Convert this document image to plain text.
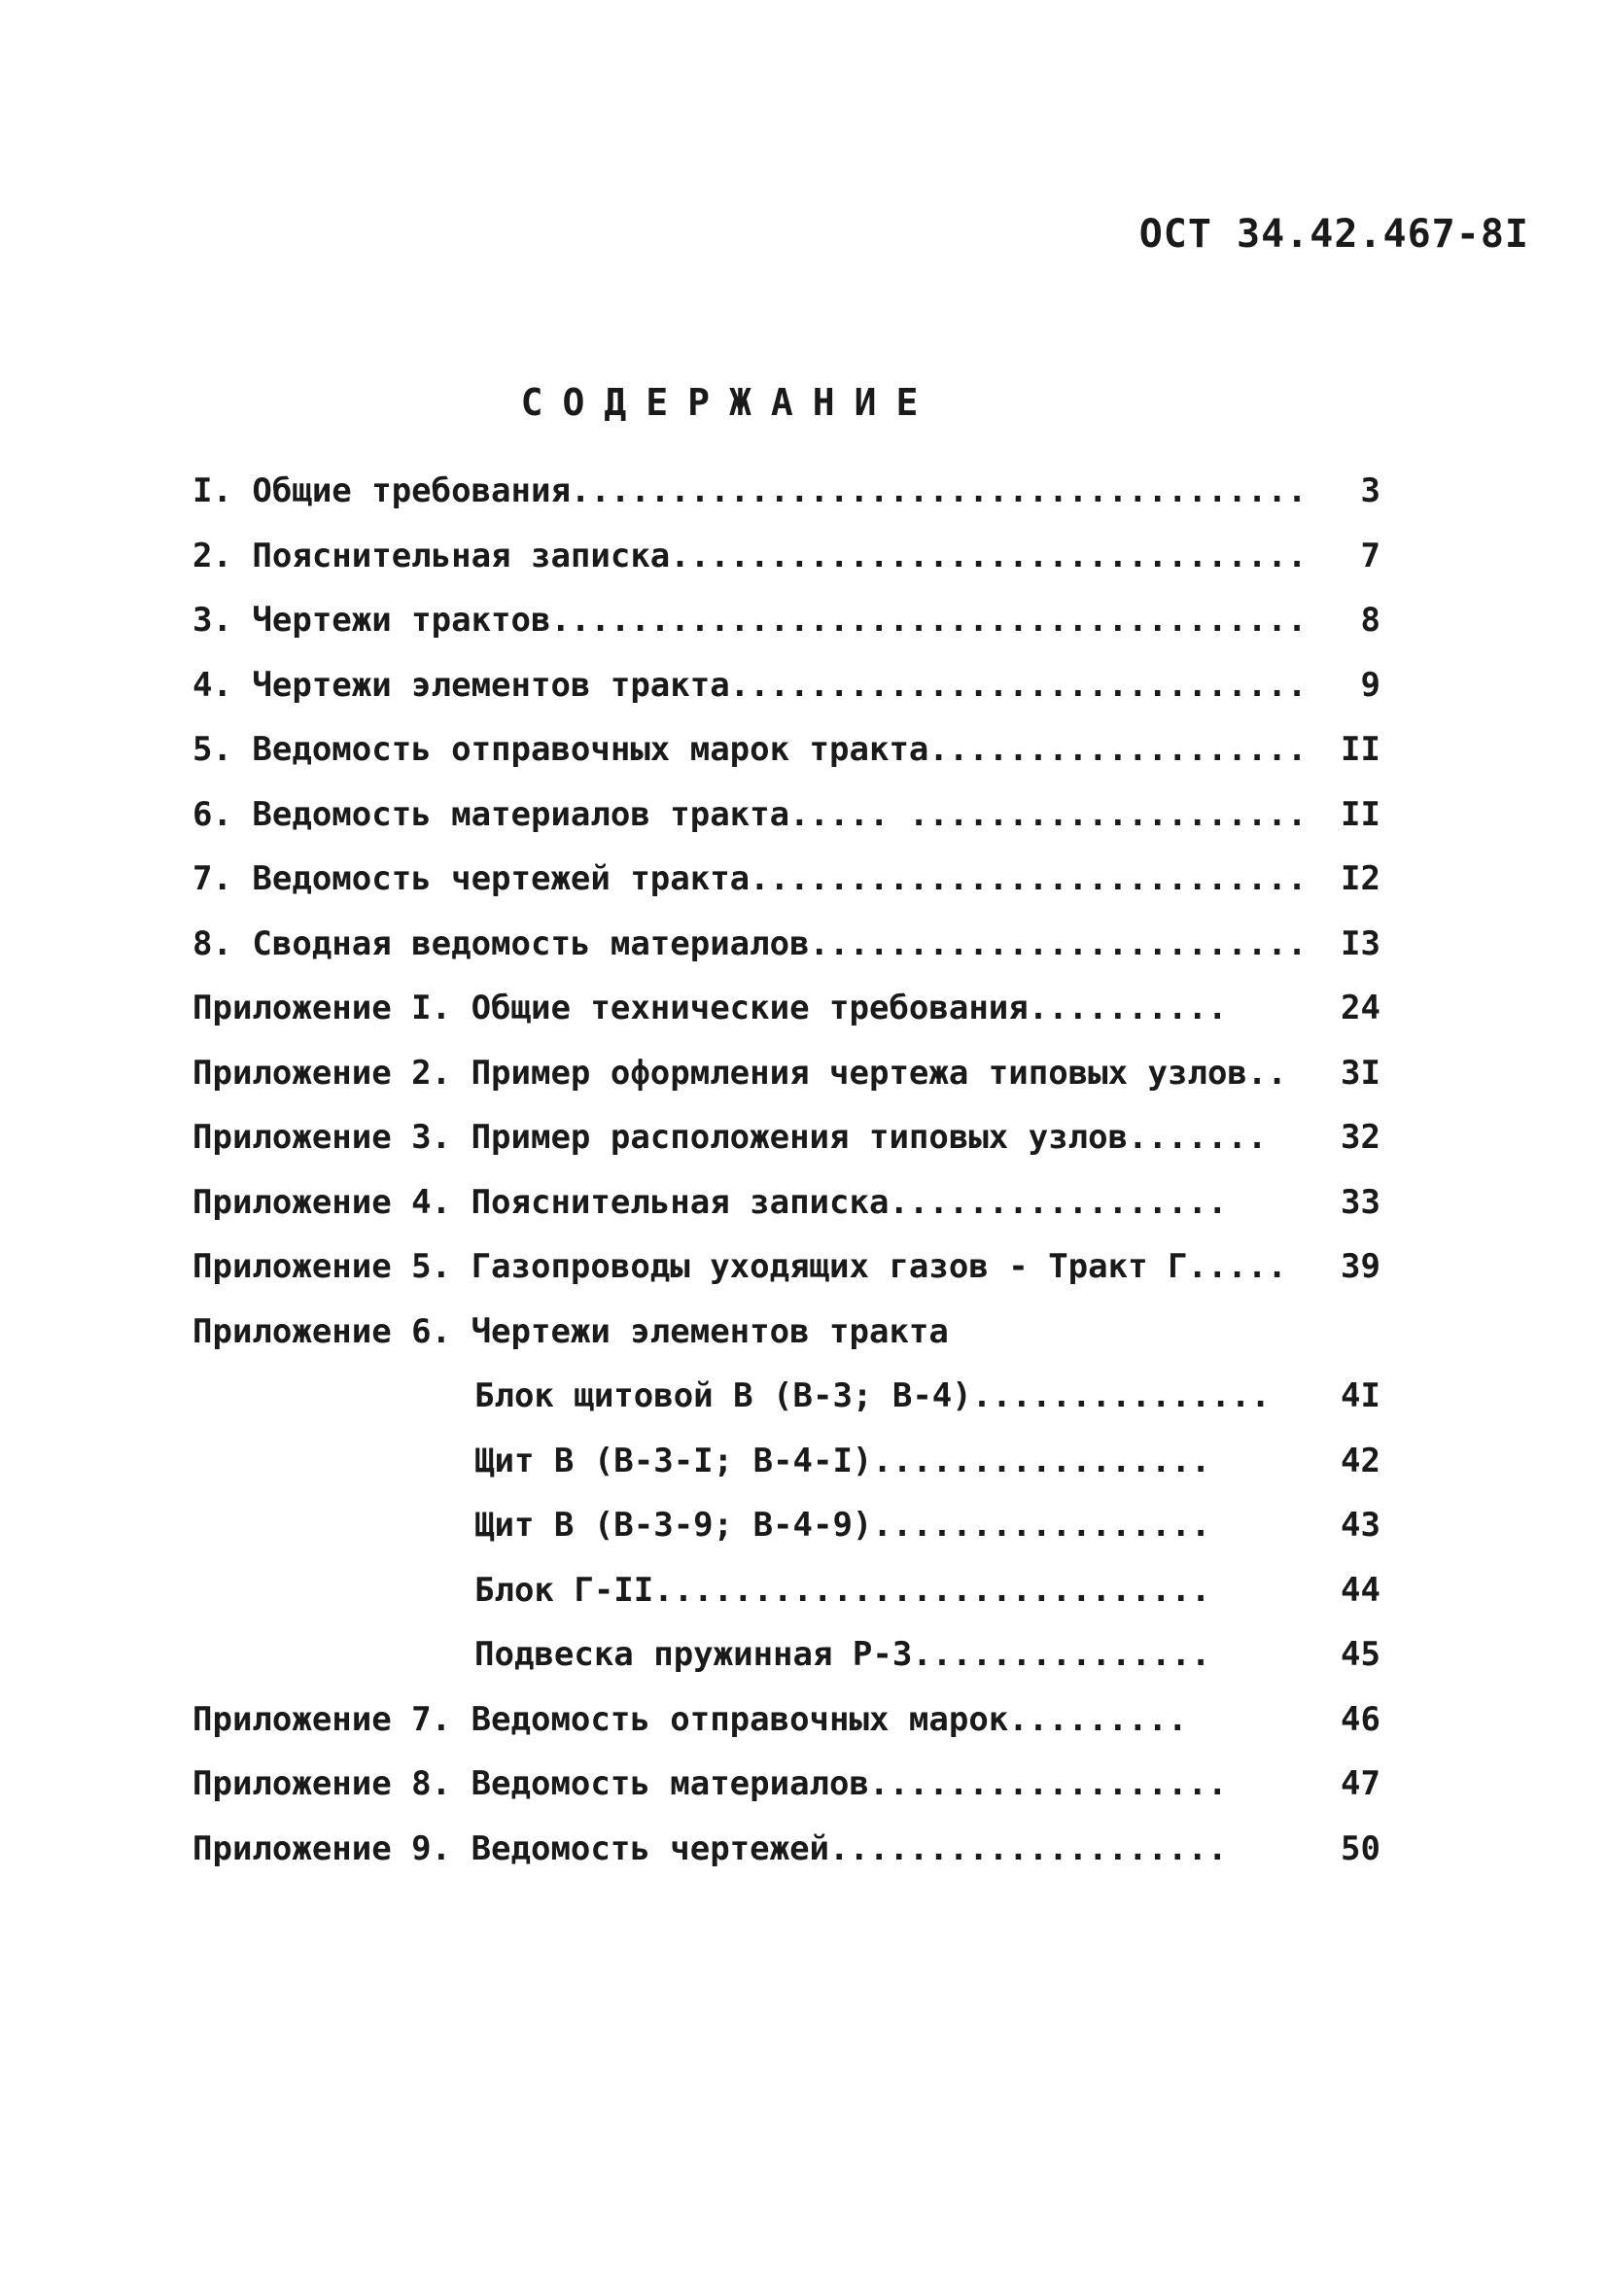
ОСТ 34.42.467-8I
СОДЕРЖАНИЕ
I. Общие требования.....................................	3
2. Пояснительная записка................................	7
3. Чертежи трактов......................................	8
4. Чертежи элементов тракта.............................	9
5. Ведомость отправочных марок тракта...................	II
6. Ведомость материалов тракта..... ....................	II
7. Ведомость чертежей тракта............................	I2
8. Сводная ведомость материалов.........................	I3
Приложение I. Общие технические требования..........	24
Приложение 2. Пример оформления чертежа типовых узлов..	3I
Приложение 3. Пример расположения типовых узлов.......	32
Приложение 4. Пояснительная записка.................	33
Приложение 5. Газопроводы уходящих газов - Тракт Г.....	39
Приложение 6. Чертежи элементов тракта
Блок щитовой В (В-3; В-4)...............	4I
Щит В (В-3-I; В-4-I).................	42
Щит В (В-3-9; В-4-9).................	43
Блок Г-II............................	44
Подвеска пружинная Р-3...............	45
Приложение 7. Ведомость отправочных марок.........	46
Приложение 8. Ведомость материалов..................	47
Приложение 9. Ведомость чертежей....................	50
